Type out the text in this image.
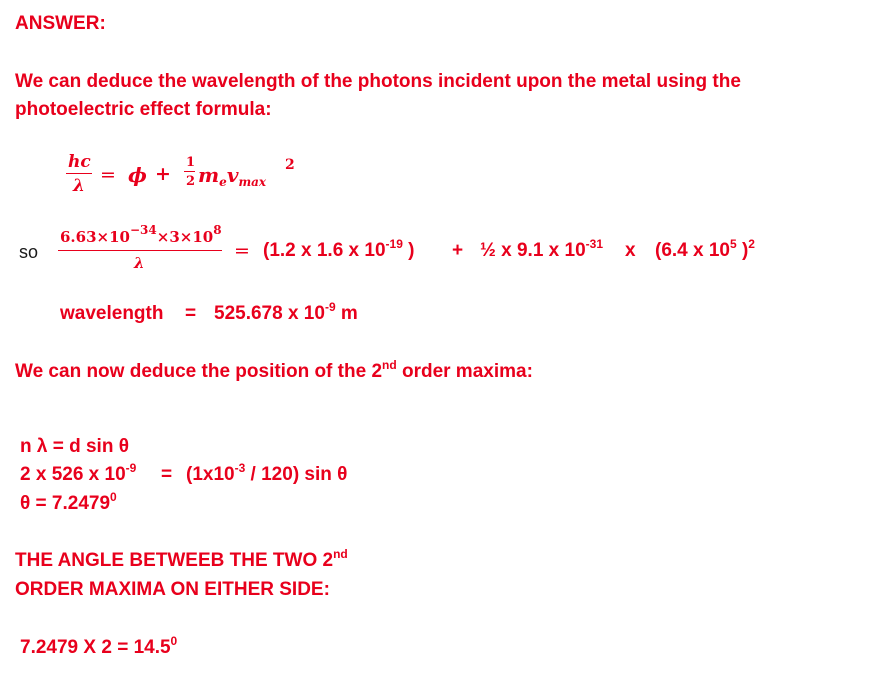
ANSWER:
We can deduce the wavelength of the photons incident upon the metal using the
photoelectric effect formula:
hc
λ = ϕ +
1
2 $m_ev_{max}$
2
so
$6.63\times 10^{-34}\times 3\times 10^8$
λ
= (1.2 x 1.6 x $10^{-19}$ ) + ½ x 9.1 x $10^{-31}$ x (6.4 x $10^5$ )$^2$
wavelength = 525.678 x $10^{-9}$ m
We can now deduce the position of the 2nd order maxima:
n λ = d sin θ
2 x 526 x $10^{-9} = (1x10^{-3} / 120)$ sin θ
$\theta = 7.2479^0$
THE ANGLE BETWEEB THE TWO 2nd
ORDER MAXIMA ON EITHER SIDE:
7.2479 X $2 = 14.5^0$
